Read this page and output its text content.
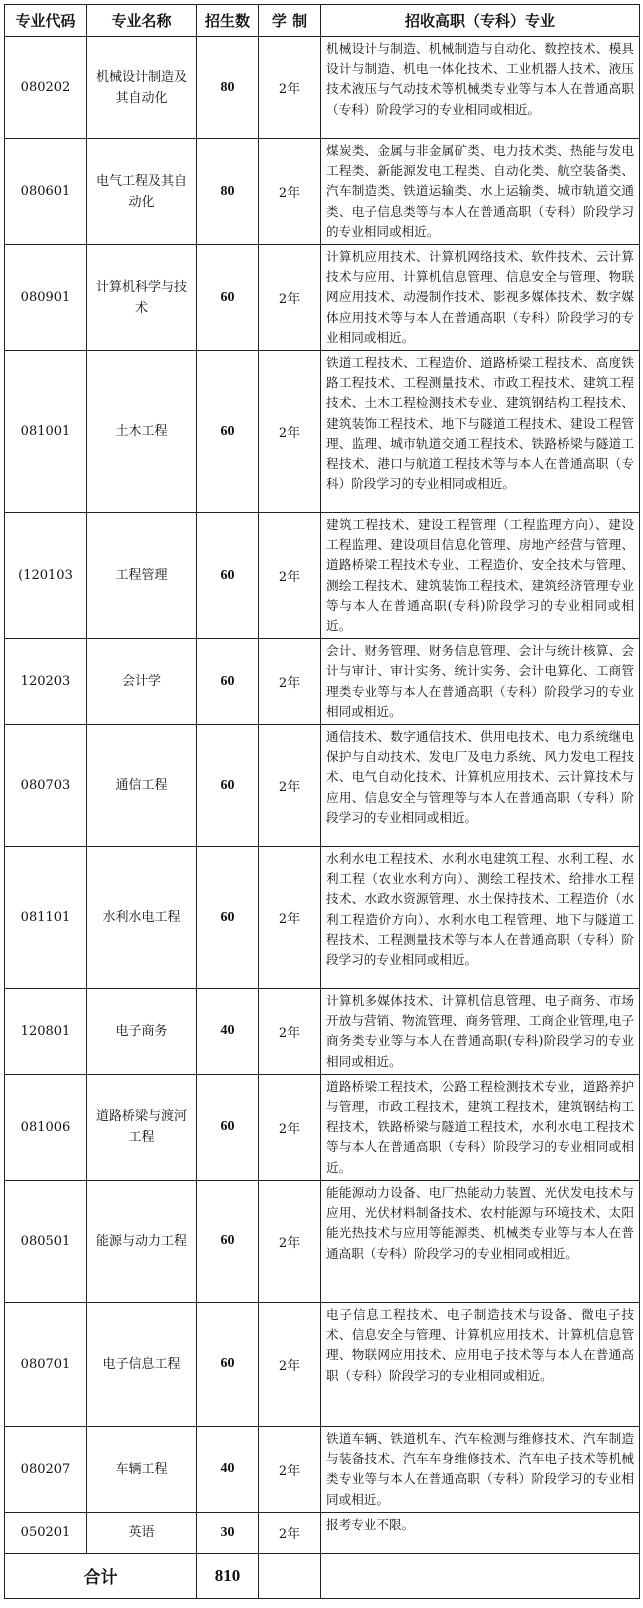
专业代码	专业名称	招生数	学 制	招收高职（专科）专业
080202	机械设计制造及其自动化	80	2年	机械设计与制造、机械制造与自动化、数控技术、模具设计与制造、机电一体化技术、工业机器人技术、液压技术液压与气动技术等机械类专业等与本人在普通高职（专科）阶段学习的专业相同或相近。
080601	电气工程及其自动化	80	2年	煤炭类、金属与非金属矿类、电力技术类、热能与发电工程类、新能源发电工程类、自动化类、航空装备类、汽车制造类、铁道运输类、水上运输类、城市轨道交通类、电子信息类等与本人在普通高职（专科）阶段学习的专业相同或相近。
080901	计算机科学与技术	60	2年	计算机应用技术、计算机网络技术、软件技术、云计算技术与应用、计算机信息管理、信息安全与管理、物联网应用技术、动漫制作技术、影视多媒体技术、数字媒体应用技术等与本人在普通高职（专科）阶段学习的专业相同或相近。
081001	土木工程	60	2年	铁道工程技术、工程造价、道路桥梁工程技术、高度铁路工程技术、工程测量技术、市政工程技术、建筑工程技术、土木工程检测技术专业、建筑钢结构工程技术、建筑装饰工程技术、地下与隧道工程技术、建设工程管理、监理、城市轨道交通工程技术、铁路桥梁与隧道工程技术、港口与航道工程技术等与本人在普通高职（专科）阶段学习的专业相同或相近。
(120103	工程管理	60	2年	建筑工程技术、建设工程管理（工程监理方向）、建设工程监理、建设项目信息化管理、房地产经营与管理、道路桥梁工程技术专业、工程造价、安全技术与管理、测绘工程技术、建筑装饰工程技术、建筑经济管理专业等与本人在普通高职(专科)阶段学习的专业相同或相近。
120203	会计学	60	2年	会计、财务管理、财务信息管理、会计与统计核算、会计与审计、审计实务、统计实务、会计电算化、工商管理类专业等与本人在普通高职（专科）阶段学习的专业相同或相近。
080703	通信工程	60	2年	通信技术、数字通信技术、供用电技术、电力系统继电保护与自动技术、发电厂及电力系统、风力发电工程技术、电气自动化技术、计算机应用技术、云计算技术与应用、信息安全与管理等与本人在普通高职（专科）阶段学习的专业相同或相近。
081101	水利水电工程	60	2年	水利水电工程技术、水利水电建筑工程、水利工程、水利工程（农业水利方向）、测绘工程技术、给排水工程技术、水政水资源管理、水土保持技术、工程造价（水利工程造价方向）、水利水电工程管理、地下与隧道工程技术、工程测量技术等与本人在普通高职（专科）阶段学习的专业相同或相近。
120801	电子商务	40	2年	计算机多媒体技术、计算机信息管理、电子商务、市场开放与营销、物流管理、商务管理、工商企业管理,电子商务类专业等与本人在普通高职(专科)阶段学习的专业相同或相近。
081006	道路桥梁与渡河工程	60	2年	道路桥梁工程技术，公路工程检测技术专业，道路养护与管理，市政工程技术，建筑工程技术，建筑钢结构工程技术，铁路桥梁与隧道工程技术，水利水电工程技术等与本人在普通高职（专科）阶段学习的专业相同或相近。
080501	能源与动力工程	60	2年	能能源动力设备、电厂热能动力装置、光伏发电技术与应用、光伏材料制备技术、农村能源与环境技术、太阳能光热技术与应用等能源类、机械类专业等与本人在普通高职（专科）阶段学习的专业相同或相近。
080701	电子信息工程	60	2年	电子信息工程技术、电子制造技术与设备、微电子技术、信息安全与管理、计算机应用技术、计算机信息管理、物联网应用技术、应用电子技术等与本人在普通高职（专科）阶段学习的专业相同或相近。
080207	车辆工程	40	2年	铁道车辆、铁道机车、汽车检测与维修技术、汽车制造与装备技术、汽车车身维修技术、汽车电子技术等机械类专业等与本人在普通高职（专科）阶段学习的专业相同或相近。
050201	英语	30	2年	报考专业不限。
合计		810		
